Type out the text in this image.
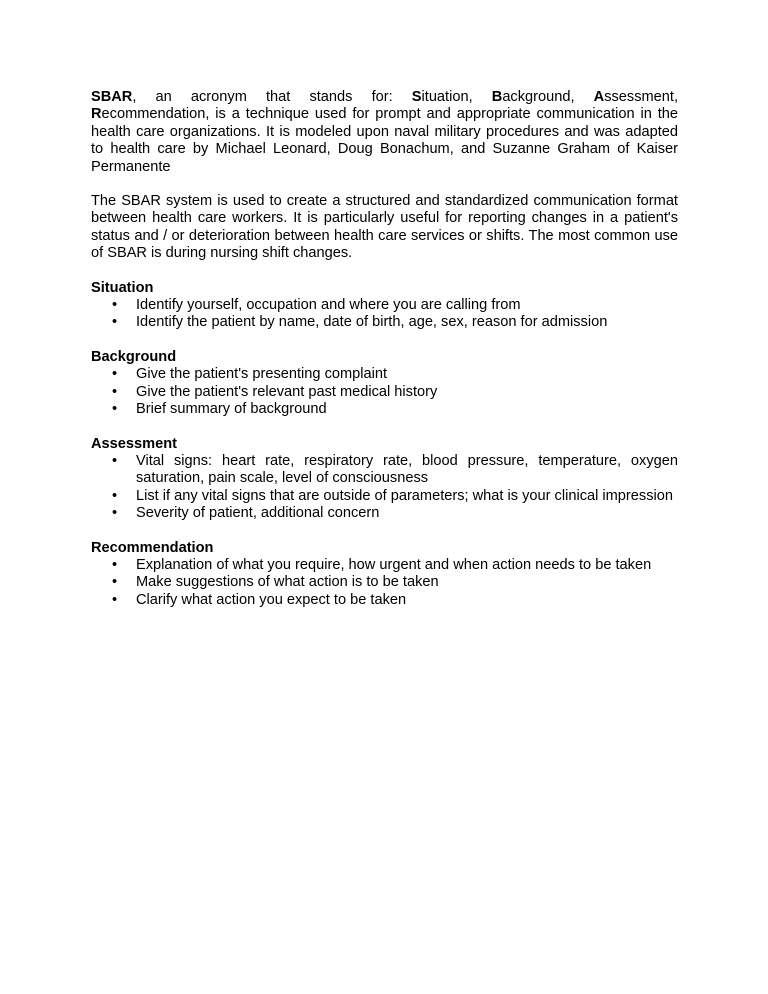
SBAR, an acronym that stands for: Situation, Background, Assessment, Recommendation, is a technique used for prompt and appropriate communication in the health care organizations. It is modeled upon naval military procedures and was adapted to health care by Michael Leonard, Doug Bonachum, and Suzanne Graham of Kaiser Permanente

The SBAR system is used to create a structured and standardized communication format between health care workers. It is particularly useful for reporting changes in a patient's status and / or deterioration between health care services or shifts. The most common use of SBAR is during nursing shift changes.

Situation
• Identify yourself, occupation and where you are calling from
• Identify the patient by name, date of birth, age, sex, reason for admission
Background
• Give the patient's presenting complaint
• Give the patient's relevant past medical history
• Brief summary of background
Assessment
• Vital signs: heart rate, respiratory rate, blood pressure, temperature, oxygen saturation, pain scale, level of consciousness
• List if any vital signs that are outside of parameters; what is your clinical impression
• Severity of patient, additional concern
Recommendation
• Explanation of what you require, how urgent and when action needs to be taken
• Make suggestions of what action is to be taken
• Clarify what action you expect to be taken
